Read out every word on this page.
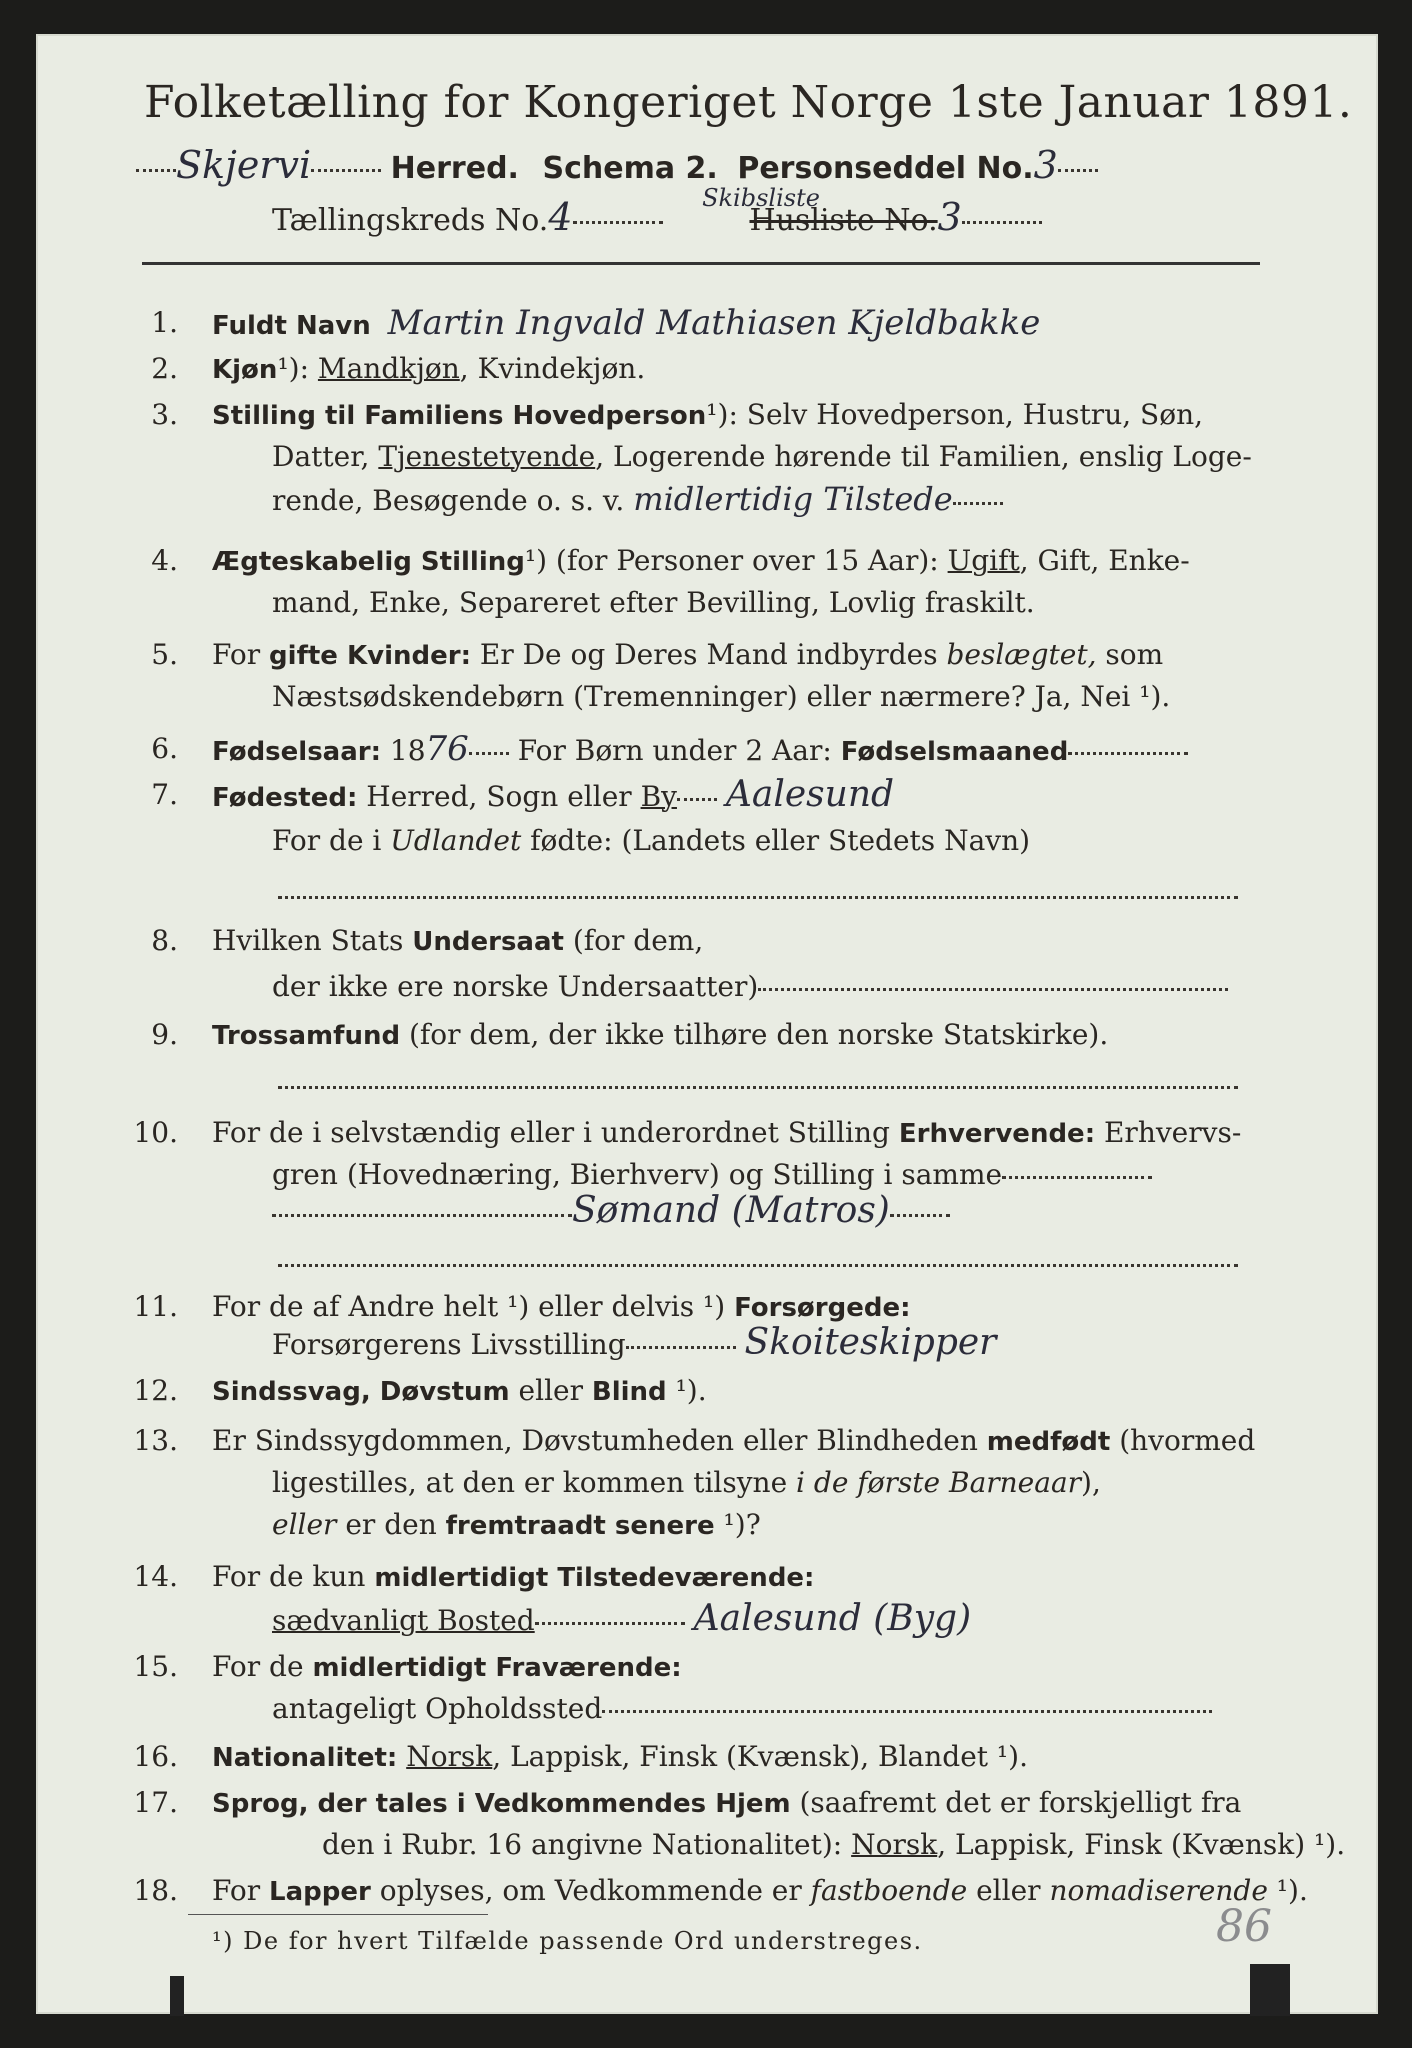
Folketælling for Kongeriget Norge 1ste Januar 1891.
Skjervi	Herred. Schema 2. Personseddel No.3
Tællingskreds No.4	$^{Skibsliste}$ Husliste No.3
1. Fuldt Navn Martin Ingvald Mathiasen Kjeldbakke
2. Kjøn¹): Mandkjøn, Kvindekjøn.
3. Stilling til Familiens Hovedperson¹): Selv Hovedperson, Hustru, Søn,
Datter, Tjenestetyende, Logerende hørende til Familien, enslig Loge-
rende, Besøgende o. s. v. midlertidig Tilstede
4. Ægteskabelig Stilling¹) (for Personer over 15 Aar): Ugift, Gift, Enke-
mand, Enke, Separeret efter Bevilling, Lovlig fraskilt.
5. For gifte Kvinder: Er De og Deres Mand indbyrdes beslægtet, som
Næstsødskendebørn (Tremenninger) eller nærmere? Ja, Nei ¹).
6. Fødselsaar: 1876 For Børn under 2 Aar: Fødselsmaaned
7. Fødested: Herred, Sogn eller By Aalesund
For de i Udlandet fødte: (Landets eller Stedets Navn)
8. Hvilken Stats Undersaat (for dem,
der ikke ere norske Undersaatter)
9. Trossamfund (for dem, der ikke tilhøre den norske Statskirke).
10. For de i selvstændig eller i underordnet Stilling Erhvervende: Erhvervs-
gren (Hovednæring, Bierhverv) og Stilling i samme
Sømand (Matros)
11. For de af Andre helt ¹) eller delvis ¹) Forsørgede:
Forsørgerens Livsstilling	Skoiteskipper
12. Sindssvag, Døvstum eller Blind ¹).
13. Er Sindssygdommen, Døvstumheden eller Blindheden medfødt (hvormed
ligestilles, at den er kommen tilsyne i de første Barneaar),
eller er den fremtraadt senere ¹)?
14. For de kun midlertidigt Tilstedeværende:
sædvanligt Bosted	Aalesund (Byg)
15. For de midlertidigt Fraværende:
antageligt Opholdssted
16. Nationalitet: Norsk, Lappisk, Finsk (Kvænsk), Blandet ¹).
17. Sprog, der tales i Vedkommendes Hjem (saafremt det er forskjelligt fra
den i Rubr. 16 angivne Nationalitet): Norsk, Lappisk, Finsk (Kvænsk) ¹).
18. For Lapper oplyses, om Vedkommende er fastboende eller nomadiserende ¹).
¹) De for hvert Tilfælde passende Ord understreges.	86
